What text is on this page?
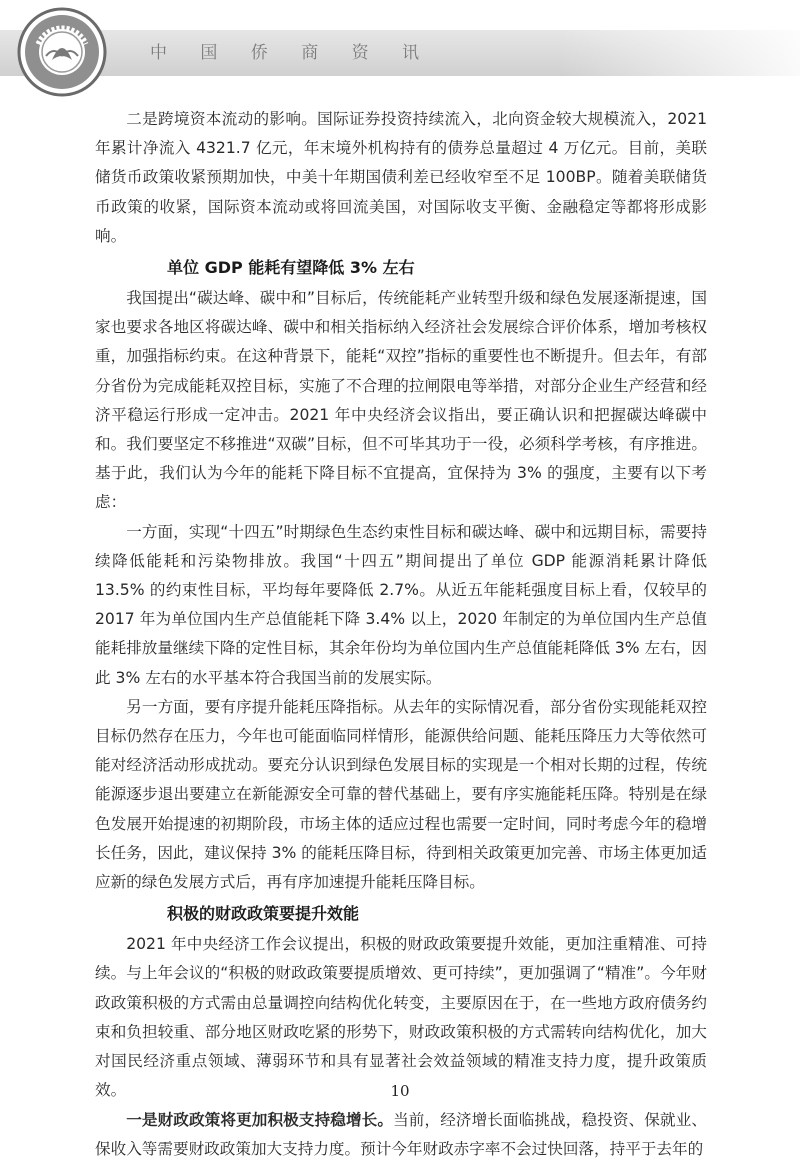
中 国 侨 商 资 讯

二是跨境资本流动的影响。国际证券投资持续流入，北向资金较大规模流入，2021年累计净流入 4321.7 亿元，年末境外机构持有的债券总量超过 4 万亿元。目前，美联储货币政策收紧预期加快，中美十年期国债利差已经收窄至不足 100BP。随着美联储货币政策的收紧，国际资本流动或将回流美国，对国际收支平衡、金融稳定等都将形成影响。

单位 GDP 能耗有望降低 3% 左右

我国提出“碳达峰、碳中和”目标后，传统能耗产业转型升级和绿色发展逐渐提速，国家也要求各地区将碳达峰、碳中和相关指标纳入经济社会发展综合评价体系，增加考核权重，加强指标约束。在这种背景下，能耗“双控”指标的重要性也不断提升。但去年，有部分省份为完成能耗双控目标，实施了不合理的拉闸限电等举措，对部分企业生产经营和经济平稳运行形成一定冲击。2021 年中央经济会议指出，要正确认识和把握碳达峰碳中和。我们要坚定不移推进“双碳”目标，但不可毕其功于一役，必须科学考核，有序推进。基于此，我们认为今年的能耗下降目标不宜提高，宜保持为 3% 的强度，主要有以下考虑：

一方面，实现“十四五”时期绿色生态约束性目标和碳达峰、碳中和远期目标，需要持续降低能耗和污染物排放。我国“十四五”期间提出了单位 GDP 能源消耗累计降低 13.5% 的约束性目标，平均每年要降低 2.7%。从近五年能耗强度目标上看，仅较早的 2017 年为单位国内生产总值能耗下降 3.4% 以上，2020 年制定的为单位国内生产总值能耗排放量继续下降的定性目标，其余年份均为单位国内生产总值能耗降低 3% 左右，因此 3% 左右的水平基本符合我国当前的发展实际。

另一方面，要有序提升能耗压降指标。从去年的实际情况看，部分省份实现能耗双控目标仍然存在压力，今年也可能面临同样情形，能源供给问题、能耗压降压力大等依然可能对经济活动形成扰动。要充分认识到绿色发展目标的实现是一个相对长期的过程，传统能源逐步退出要建立在新能源安全可靠的替代基础上，要有序实施能耗压降。特别是在绿色发展开始提速的初期阶段，市场主体的适应过程也需要一定时间，同时考虑今年的稳增长任务，因此，建议保持 3% 的能耗压降目标，待到相关政策更加完善、市场主体更加适应新的绿色发展方式后，再有序加速提升能耗压降目标。

积极的财政政策要提升效能

2021 年中央经济工作会议提出，积极的财政政策要提升效能，更加注重精准、可持续。与上年会议的“积极的财政政策要提质增效、更可持续”，更加强调了“精准”。今年财政政策积极的方式需由总量调控向结构优化转变，主要原因在于，在一些地方政府债务约束和负担较重、部分地区财政吃紧的形势下，财政政策积极的方式需转向结构优化，加大对国民经济重点领域、薄弱环节和具有显著社会效益领域的精准支持力度，提升政策质效。

一是财政政策将更加积极支持稳增长。当前，经济增长面临挑战，稳投资、保就业、保收入等需要财政政策加大支持力度。预计今年财政赤字率不会过快回落，持平于去年的

10
